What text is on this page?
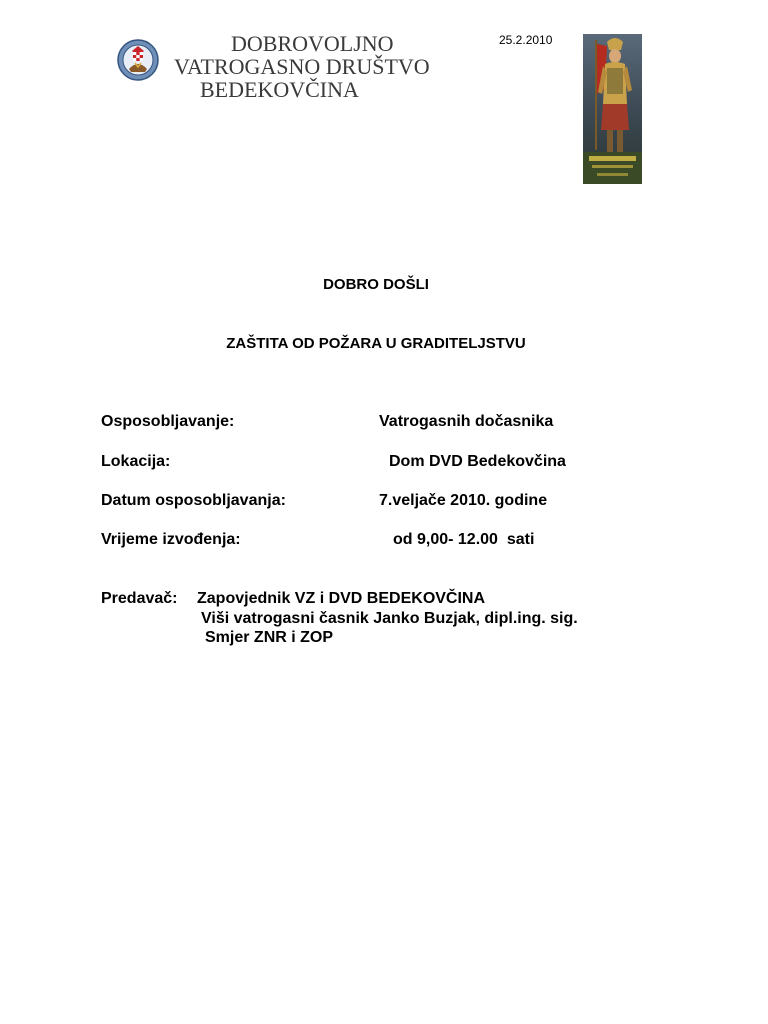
DOBROVOLJNO
VATROGASNO DRUŠTVO
BEDEKOVČINA
25.2.2010
DOBRO DOŠLI
ZAŠTITA OD POŽARA U GRADITELJSTVU
Osposobljavanje:	Vatrogasnih dočasnika
Lokacija:	Dom DVD Bedekovčina
Datum osposobljavanja:	7.veljače 2010. godine
Vrijeme izvođenja:	od 9,00- 12.00  sati
Predavač: Zapovjednik VZ i DVD BEDEKOVČINA
Viši vatrogasni časnik Janko Buzjak, dipl.ing. sig.
Smjer ZNR i ZOP
